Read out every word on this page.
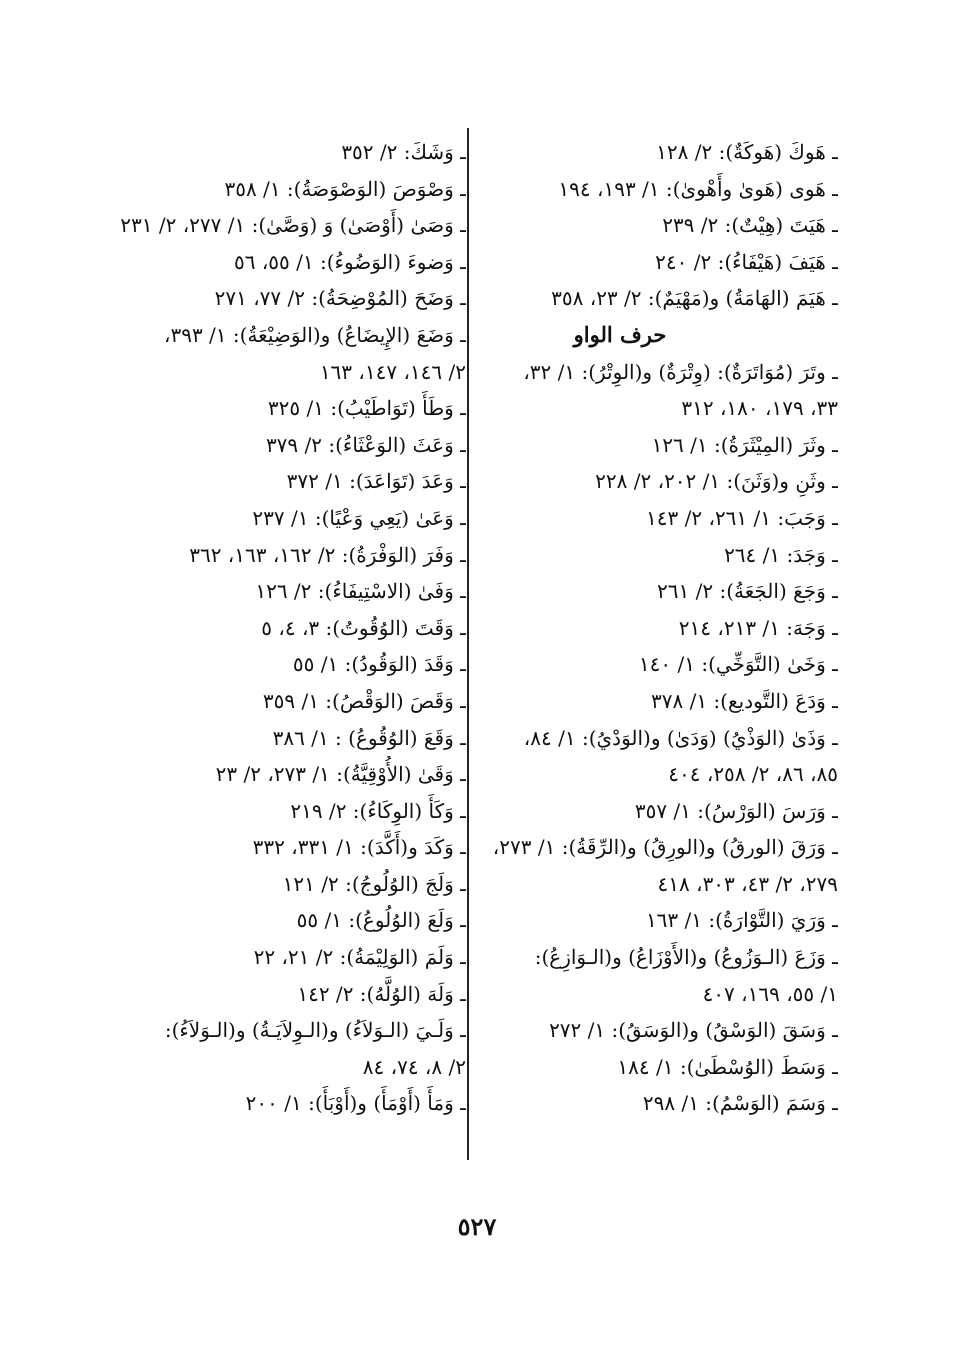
ـ هَوكَ (هَوكَةٌ): ٢/ ١٢٨
ـ هَوى (هَوىٰ وأَهْوىٰ): ١/ ١٩٣، ١٩٤
ـ هَيَتَ (هِيْتٌ): ٢/ ٢٣٩
ـ هَيَفَ (هَيْفَاءُ): ٢/ ٢٤٠
ـ هَيَمَ (الهَامَةُ) و(مَهْيَمٌ): ٢/ ٢٣، ٣٥٨
حرف الواو
ـ وتَرَ (مُوَاتَرَةٌ): (وِتْرَةٌ) و(الوِتْرُ): ١/ ٣٢،
٣٣، ١٧٩، ١٨٠، ٣١٢
ـ وثَرَ (المِيْثَرَةُ): ١/ ١٢٦
ـ وثَنِ و(وَثَنَ): ١/ ٢٠٢، ٢/ ٢٢٨
ـ وَجَبَ: ١/ ٢٦١، ٢/ ١٤٣
ـ وَجَدَ: ١/ ٢٦٤
ـ وَجَعَ (الجَعَةُ): ٢/ ٢٦١
ـ وَجَهَ: ١/ ٢١٣، ٢١٤
ـ وَخَىٰ (التَّوَخِّي): ١/ ١٤٠
ـ وَدَعَ (التَّوديع): ١/ ٣٧٨
ـ وَذَىٰ (الوَذْيُ) (وَدَىٰ) و(الوَدْيُ): ١/ ٨٤،
٨٥، ٨٦، ٢/ ٢٥٨، ٤٠٤
ـ وَرَسَ (الوَرْسُ): ١/ ٣٥٧
ـ وَرَقَ (الورقُ) و(الورِقُ) و(الرِّقَةُ): ١/ ٢٧٣،
٢٧٩، ٢/ ٤٣، ٣٠٣، ٤١٨
ـ وَرَيَ (التَّوْارَةُ): ١/ ١٦٣
ـ وَزَعَ (الـوَزُوعُ) و(الأَوْزَاعُ) و(الـوَازِعُ):
١/ ٥٥، ١٦٩، ٤٠٧
ـ وَسَقَ (الوَسْقُ) و(الوَسَقُ): ١/ ٢٧٢
ـ وَسَطَ (الوُسْطَىٰ): ١/ ١٨٤
ـ وَسَمَ (الوَسْمُ): ١/ ٢٩٨
ـ وَشَكَ: ٢/ ٣٥٢
ـ وَصْوَصَ (الوَصْوَصَةُ): ١/ ٣٥٨
ـ وَصَىٰ (أَوْصَىٰ) وَ (وَصَّىٰ): ١/ ٢٧٧، ٢/ ٢٣١
ـ وَضوءَ (الوَضُوءُ): ١/ ٥٥، ٥٦
ـ وَضَحَ (المُوْضِحَةُ): ٢/ ٧٧، ٢٧١
ـ وَضَعَ (الإِيضَاعُ) و(الوَضِيْعَةُ): ١/ ٣٩٣،
٢/ ١٤٦، ١٤٧، ١٦٣
ـ وَطَأَ (تَوَاطَيْبُ): ١/ ٣٢٥
ـ وَعَثَ (الوَعْثَاءُ): ٢/ ٣٧٩
ـ وَعَدَ (تَوَاعَدَ): ١/ ٣٧٢
ـ وَعَىٰ (يَعِي وَعْيًا): ١/ ٢٣٧
ـ وَفَرَ (الوَفْرَةُ): ٢/ ١٦٢، ١٦٣، ٣٦٢
ـ وَفَىٰ (الاسْتِيفَاءُ): ٢/ ١٢٦
ـ وَقَتَ (الوُقُوتُ): ٣، ٤، ٥
ـ وَقَدَ (الوَقُودُ): ١/ ٥٥
ـ وَقَصَ (الوَقْصُ): ١/ ٣٥٩
ـ وَقَعَ (الوُقُوعُ) : ١/ ٣٨٦
ـ وَقَىٰ (الأُوْقِيَّةُ): ١/ ٢٧٣، ٢/ ٢٣
ـ وَكَأَ (الوِكَاءُ): ٢/ ٢١٩
ـ وَكَدَ و(أَكَّدَ): ١/ ٣٣١، ٣٣٢
ـ وَلَجَ (الوُلُوجُ): ٢/ ١٢١
ـ وَلَعَ (الوُلُوعُ): ١/ ٥٥
ـ وَلَمَ (الوَلِيْمَةُ): ٢/ ٢١، ٢٢
ـ وَلَهَ (الوُلَّهُ): ٢/ ١٤٢
ـ وَلَـيَ (الـوَلاَءُ) و(الـوِلاَيَـةُ) و(الـوَلاَءُ):
٢/ ٨، ٧٤، ٨٤
ـ وَمَأَ (أَوْمَأَ) و(أَوْبَأَ): ١/ ٢٠٠
٥٢٧
